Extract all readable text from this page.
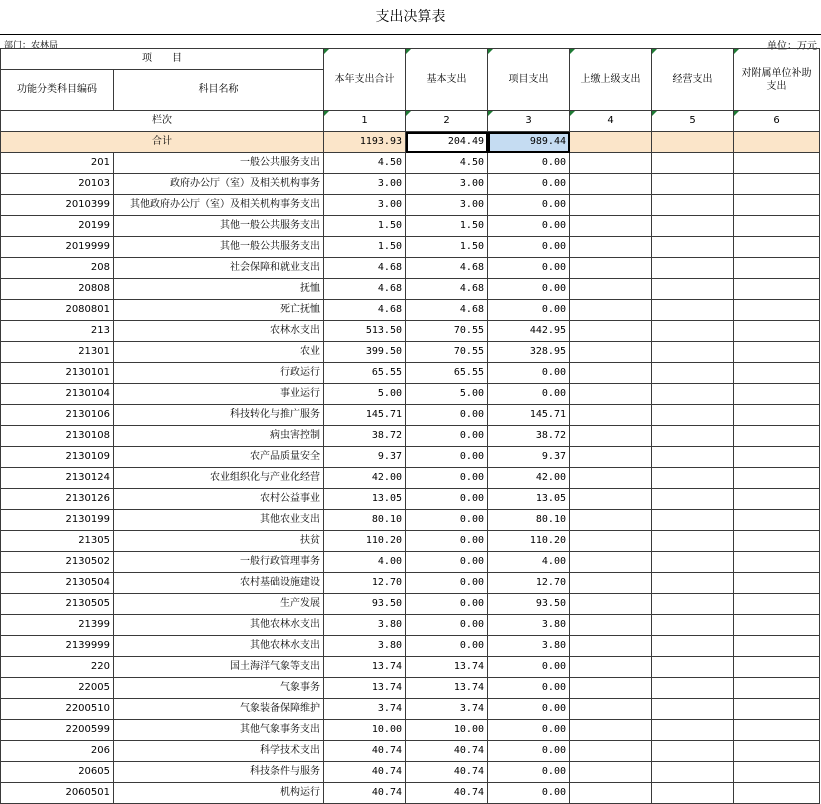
支出决算表
部门：农林局	单位：万元
项　　目		本年支出合计	基本支出	项目支出	上缴上级支出	经营支出	对附属单位补助支出
功能分类科目编码	科目名称						
栏次		1	2	3	4	5	6
合计		1193.93	204.49	989.44			
201	一般公共服务支出	4.50	4.50	0.00			
20103	政府办公厅（室）及相关机构事务	3.00	3.00	0.00			
2010399	其他政府办公厅（室）及相关机构事务支出	3.00	3.00	0.00			
20199	其他一般公共服务支出	1.50	1.50	0.00			
2019999	其他一般公共服务支出	1.50	1.50	0.00			
208	社会保障和就业支出	4.68	4.68	0.00			
20808	抚恤	4.68	4.68	0.00			
2080801	死亡抚恤	4.68	4.68	0.00			
213	农林水支出	513.50	70.55	442.95			
21301	农业	399.50	70.55	328.95			
2130101	行政运行	65.55	65.55	0.00			
2130104	事业运行	5.00	5.00	0.00			
2130106	科技转化与推广服务	145.71	0.00	145.71			
2130108	病虫害控制	38.72	0.00	38.72			
2130109	农产品质量安全	9.37	0.00	9.37			
2130124	农业组织化与产业化经营	42.00	0.00	42.00			
2130126	农村公益事业	13.05	0.00	13.05			
2130199	其他农业支出	80.10	0.00	80.10			
21305	扶贫	110.20	0.00	110.20			
2130502	一般行政管理事务	4.00	0.00	4.00			
2130504	农村基础设施建设	12.70	0.00	12.70			
2130505	生产发展	93.50	0.00	93.50			
21399	其他农林水支出	3.80	0.00	3.80			
2139999	其他农林水支出	3.80	0.00	3.80			
220	国土海洋气象等支出	13.74	13.74	0.00			
22005	气象事务	13.74	13.74	0.00			
2200510	气象装备保障维护	3.74	3.74	0.00			
2200599	其他气象事务支出	10.00	10.00	0.00			
206	科学技术支出	40.74	40.74	0.00			
20605	科技条件与服务	40.74	40.74	0.00			
2060501	机构运行	40.74	40.74	0.00			
